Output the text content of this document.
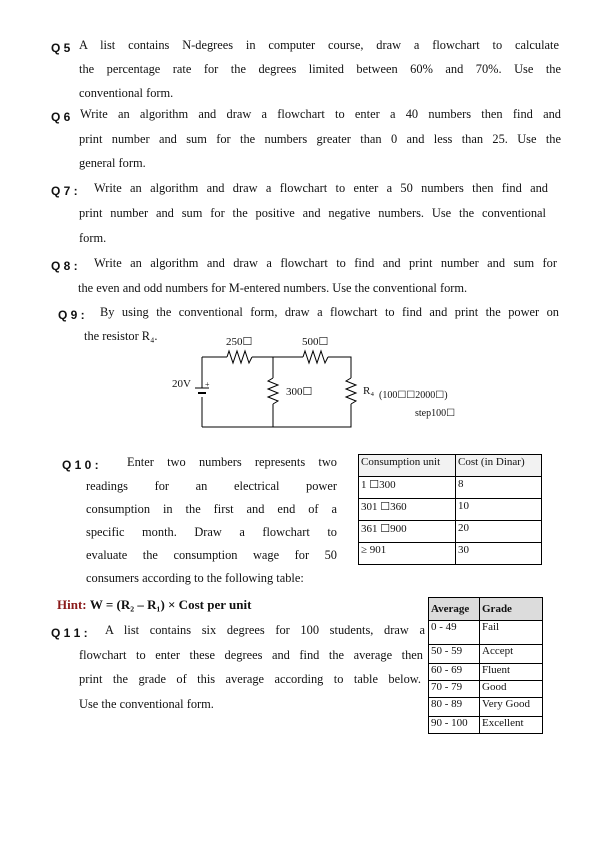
Q 5 A list contains N-degrees in computer course, draw a flowchart to calculate
the percentage rate for the degrees limited between 60% and 70%. Use the
conventional form.
Q 6 Write an algorithm and draw a flowchart to enter a 40 numbers then find and
print number and sum for the numbers greater than 0 and less than 25. Use the
general form.
Q 7 : Write an algorithm and draw a flowchart to enter a 50 numbers then find and
print number and sum for the positive and negative numbers. Use the conventional
form.
Q 8 : Write an algorithm and draw a flowchart to find and print number and sum for
the even and odd numbers for M-entered numbers. Use the conventional form.
Q 9 : By using the conventional form, draw a flowchart to find and print the power on
the resistor R₄.	250☐	500☐
20V +
300☐	R₄ (100☐☐2000☐)
step100☐
Q 1 0 : Enter two numbers represents two
readings for an electrical power
consumption in the first and end of a
specific month. Draw a flowchart to
evaluate the consumption wage for 50
consumers according to the following table:
Consumption unit	Cost (in Dinar)
1 ☐300	8
301 ☐360	10
361 ☐900	20
≥ 901	30
Hint: W = (R₂ – R₁) × Cost per unit
Q 1 1 : A list contains six degrees for 100 students, draw a
flowchart to enter these degrees and find the average then
print the grade of this average according to table below.
Use the conventional form.
Average	Grade
0 - 49	Fail
50 - 59	Accept
60 - 69	Fluent
70 - 79	Good
80 - 89	Very Good
90 - 100	Excellent
